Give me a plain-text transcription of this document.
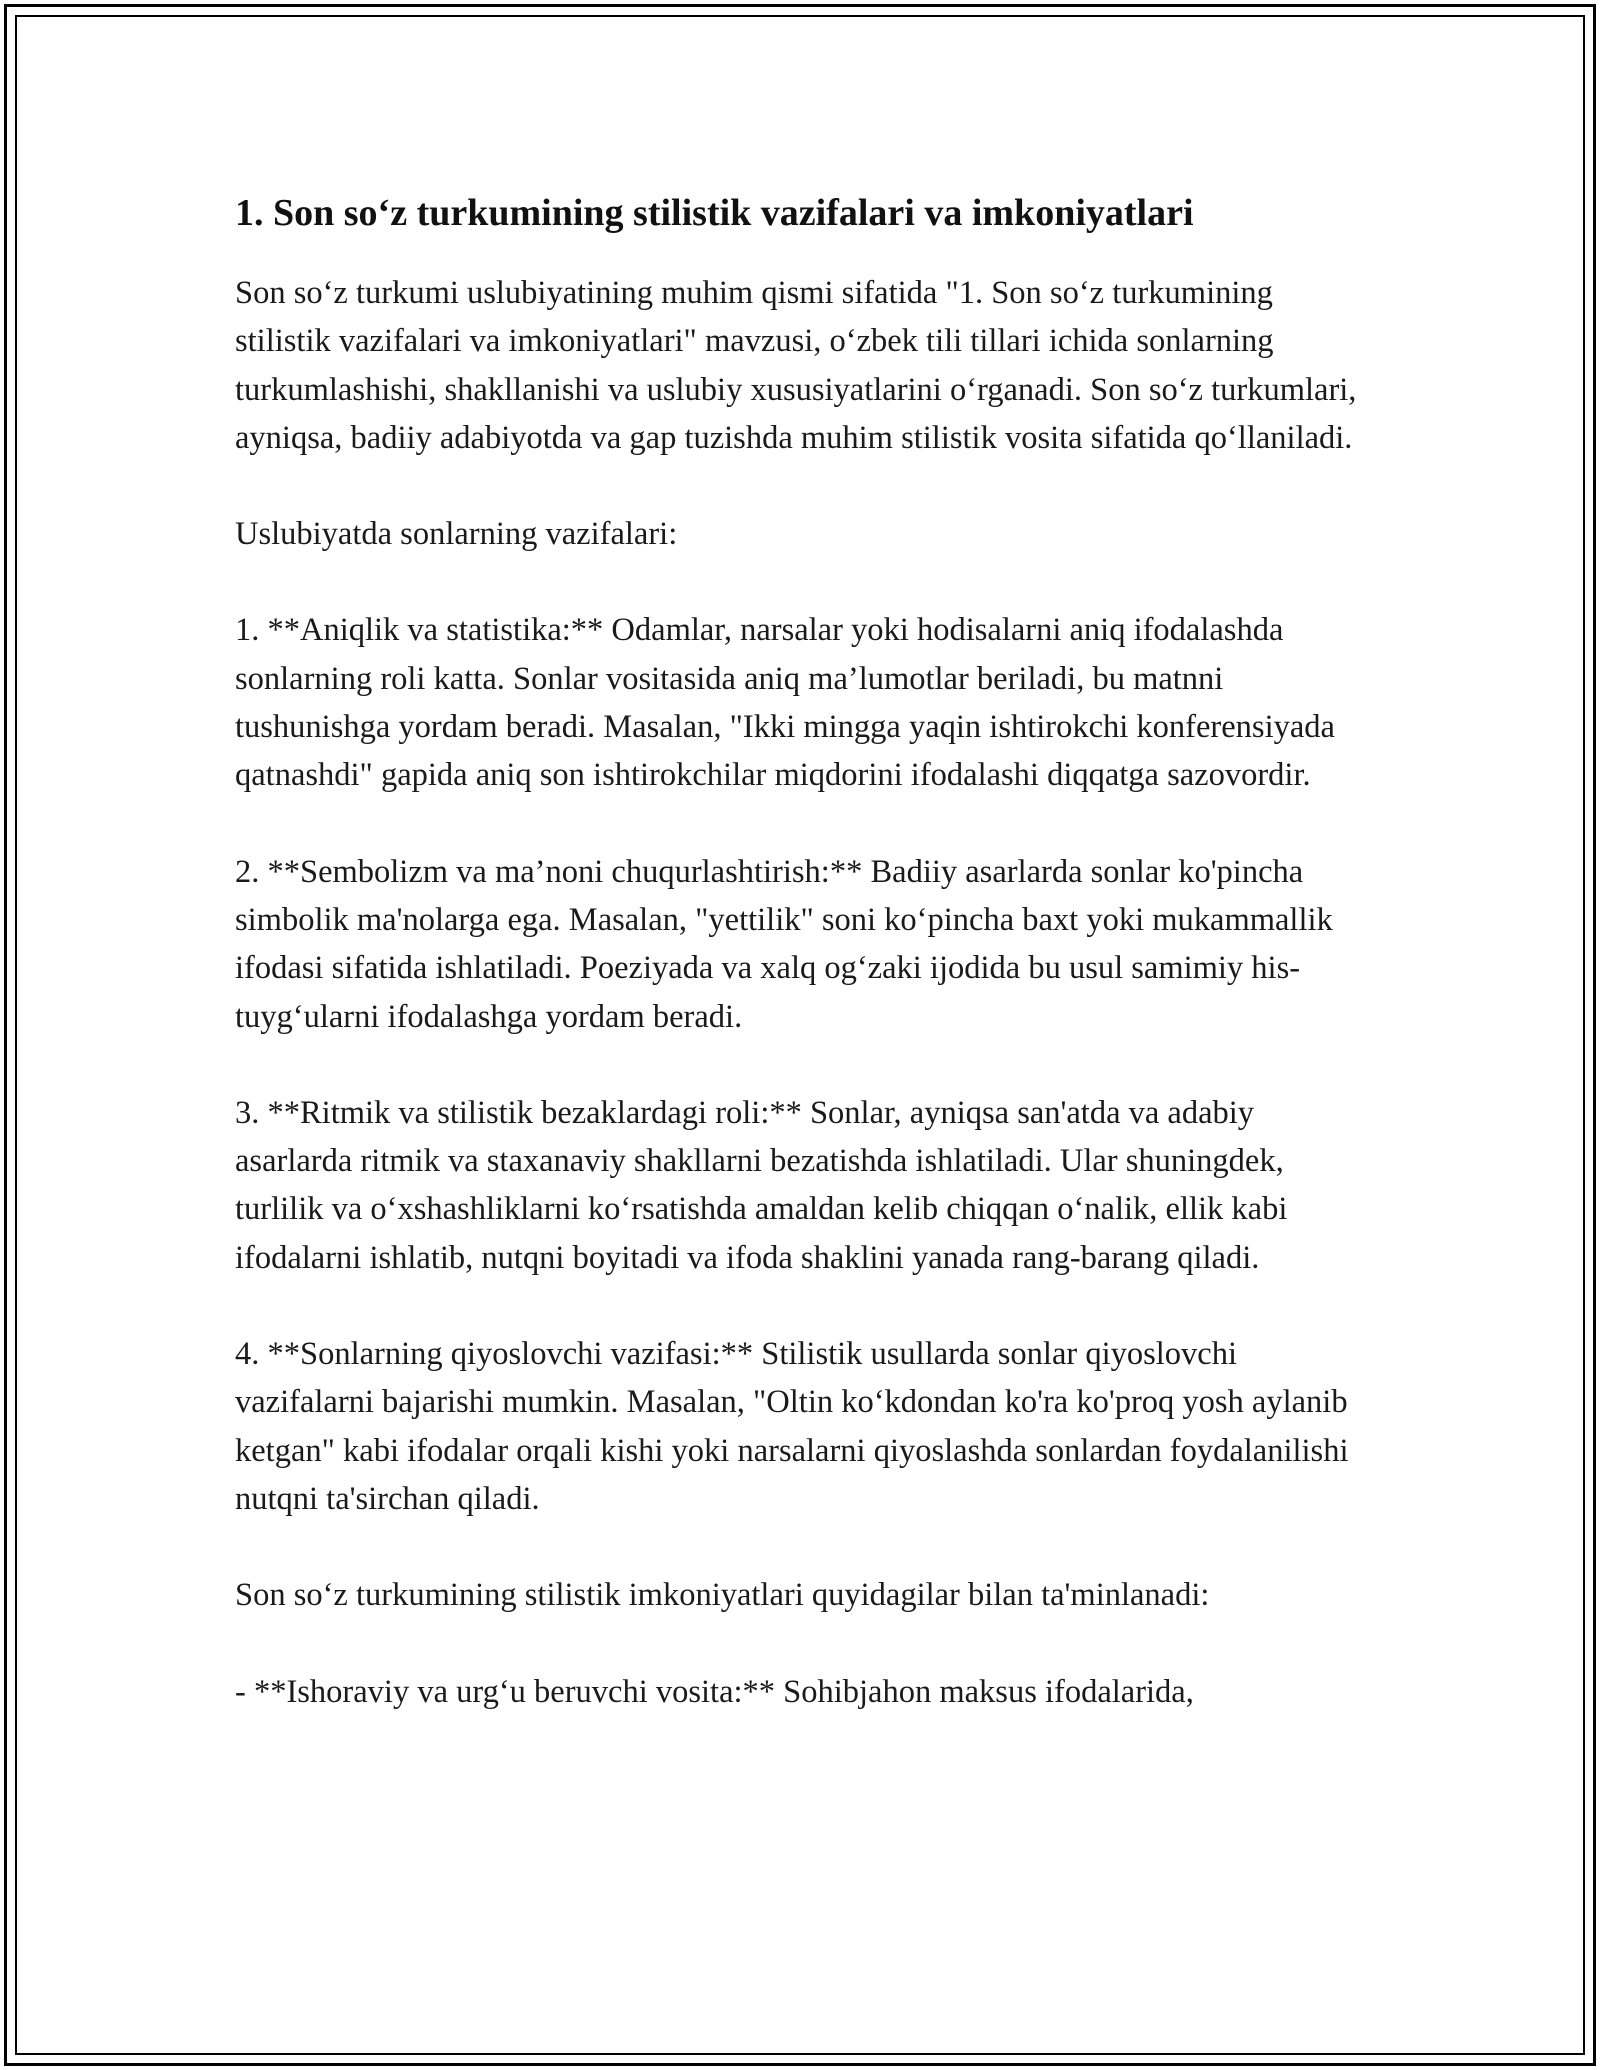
1. Son so‘z turkumining stilistik vazifalari va imkoniyatlari

Son so‘z turkumi uslubiyatining muhim qismi sifatida "1. Son so‘z turkumining stilistik vazifalari va imkoniyatlari" mavzusi, o‘zbek tili tillari ichida sonlarning turkumlashishi, shakllanishi va uslubiy xususiyatlarini o‘rganadi. Son so‘z turkumlari, ayniqsa, badiiy adabiyotda va gap tuzishda muhim stilistik vosita sifatida qo‘llaniladi.

Uslubiyatda sonlarning vazifalari:

1. **Aniqlik va statistika:** Odamlar, narsalar yoki hodisalarni aniq ifodalashda sonlarning roli katta. Sonlar vositasida aniq ma’lumotlar beriladi, bu matnni tushunishga yordam beradi. Masalan, "Ikki mingga yaqin ishtirokchi konferensiyada qatnashdi" gapida aniq son ishtirokchilar miqdorini ifodalashi diqqatga sazovordir.

2. **Sembolizm va ma’noni chuqurlashtirish:** Badiiy asarlarda sonlar ko'pincha simbolik ma'nolarga ega. Masalan, "yettilik" soni ko‘pincha baxt yoki mukammallik ifodasi sifatida ishlatiladi. Poeziyada va xalq og‘zaki ijodida bu usul samimiy his-tuyg‘ularni ifodalashga yordam beradi.

3. **Ritmik va stilistik bezaklardagi roli:** Sonlar, ayniqsa san'atda va adabiy asarlarda ritmik va staxanaviy shakllarni bezatishda ishlatiladi. Ular shuningdek, turlilik va o‘xshashliklarni ko‘rsatishda amaldan kelib chiqqan o‘nalik, ellik kabi ifodalarni ishlatib, nutqni boyitadi va ifoda shaklini yanada rang-barang qiladi.

4. **Sonlarning qiyoslovchi vazifasi:** Stilistik usullarda sonlar qiyoslovchi vazifalarni bajarishi mumkin. Masalan, "Oltin ko‘kdondan ko'ra ko'proq yosh aylanib ketgan" kabi ifodalar orqali kishi yoki narsalarni qiyoslashda sonlardan foydalanilishi nutqni ta'sirchan qiladi.

Son so‘z turkumining stilistik imkoniyatlari quyidagilar bilan ta'minlanadi:

- **Ishoraviy va urg‘u beruvchi vosita:** Sohibjahon maksus ifodalarida,
